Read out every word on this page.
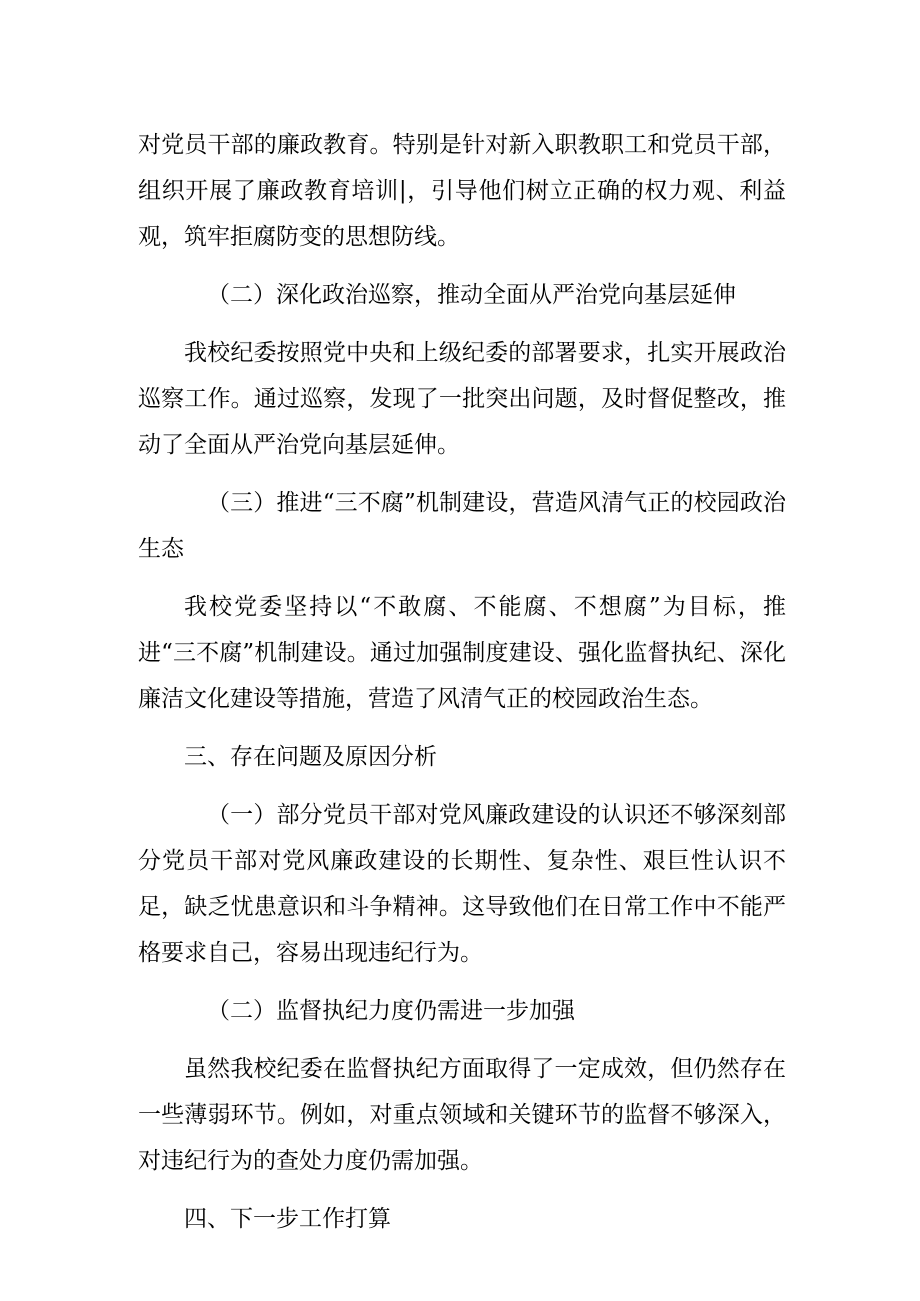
对党员干部的廉政教育。特别是针对新入职教职工和党员干部，组织开展了廉政教育培训|，引导他们树立正确的权力观、利益观，筑牢拒腐防变的思想防线。

（二）深化政治巡察，推动全面从严治党向基层延伸

我校纪委按照党中央和上级纪委的部署要求，扎实开展政治巡察工作。通过巡察，发现了一批突出问题，及时督促整改，推动了全面从严治党向基层延伸。

（三）推进“三不腐”机制建设，营造风清气正的校园政治生态

我校党委坚持以“不敢腐、不能腐、不想腐”为目标，推进“三不腐”机制建设。通过加强制度建设、强化监督执纪、深化廉洁文化建设等措施，营造了风清气正的校园政治生态。

三、存在问题及原因分析

（一）部分党员干部对党风廉政建设的认识还不够深刻部分党员干部对党风廉政建设的长期性、复杂性、艰巨性认识不足，缺乏忧患意识和斗争精神。这导致他们在日常工作中不能严格要求自己，容易出现违纪行为。

（二）监督执纪力度仍需进一步加强

虽然我校纪委在监督执纪方面取得了一定成效，但仍然存在一些薄弱环节。例如，对重点领域和关键环节的监督不够深入，对违纪行为的查处力度仍需加强。

四、下一步工作打算
